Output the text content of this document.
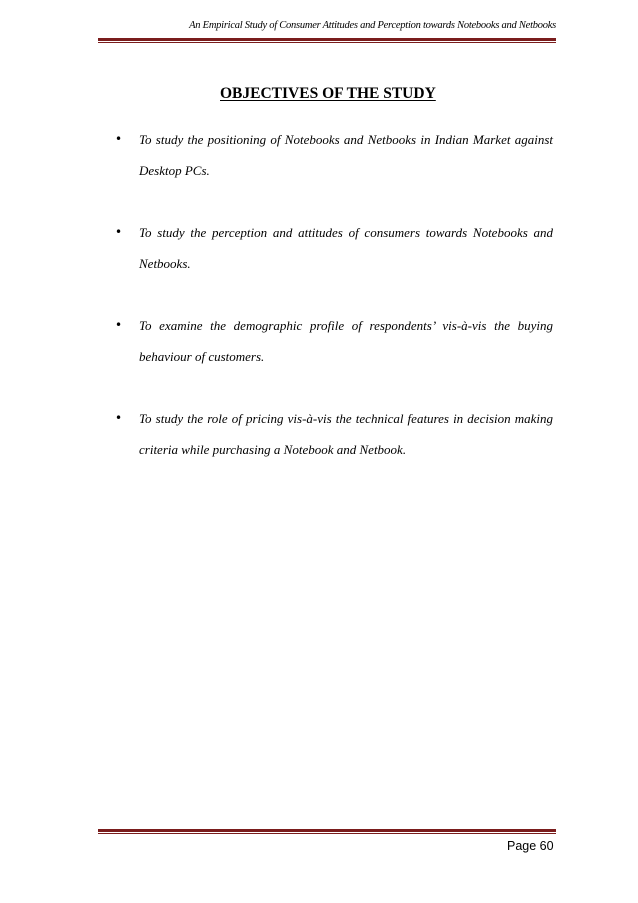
An Empirical Study of Consumer Attitudes and Perception towards Notebooks and Netbooks
OBJECTIVES OF THE STUDY
• To study the positioning of Notebooks and Netbooks in Indian Market against Desktop PCs.
• To study the perception and attitudes of consumers towards Notebooks and Netbooks.
• To examine the demographic profile of respondents’ vis-à-vis the buying behaviour of customers.
• To study the role of pricing vis-à-vis the technical features in decision making criteria while purchasing a Notebook and Netbook.
Page 60
